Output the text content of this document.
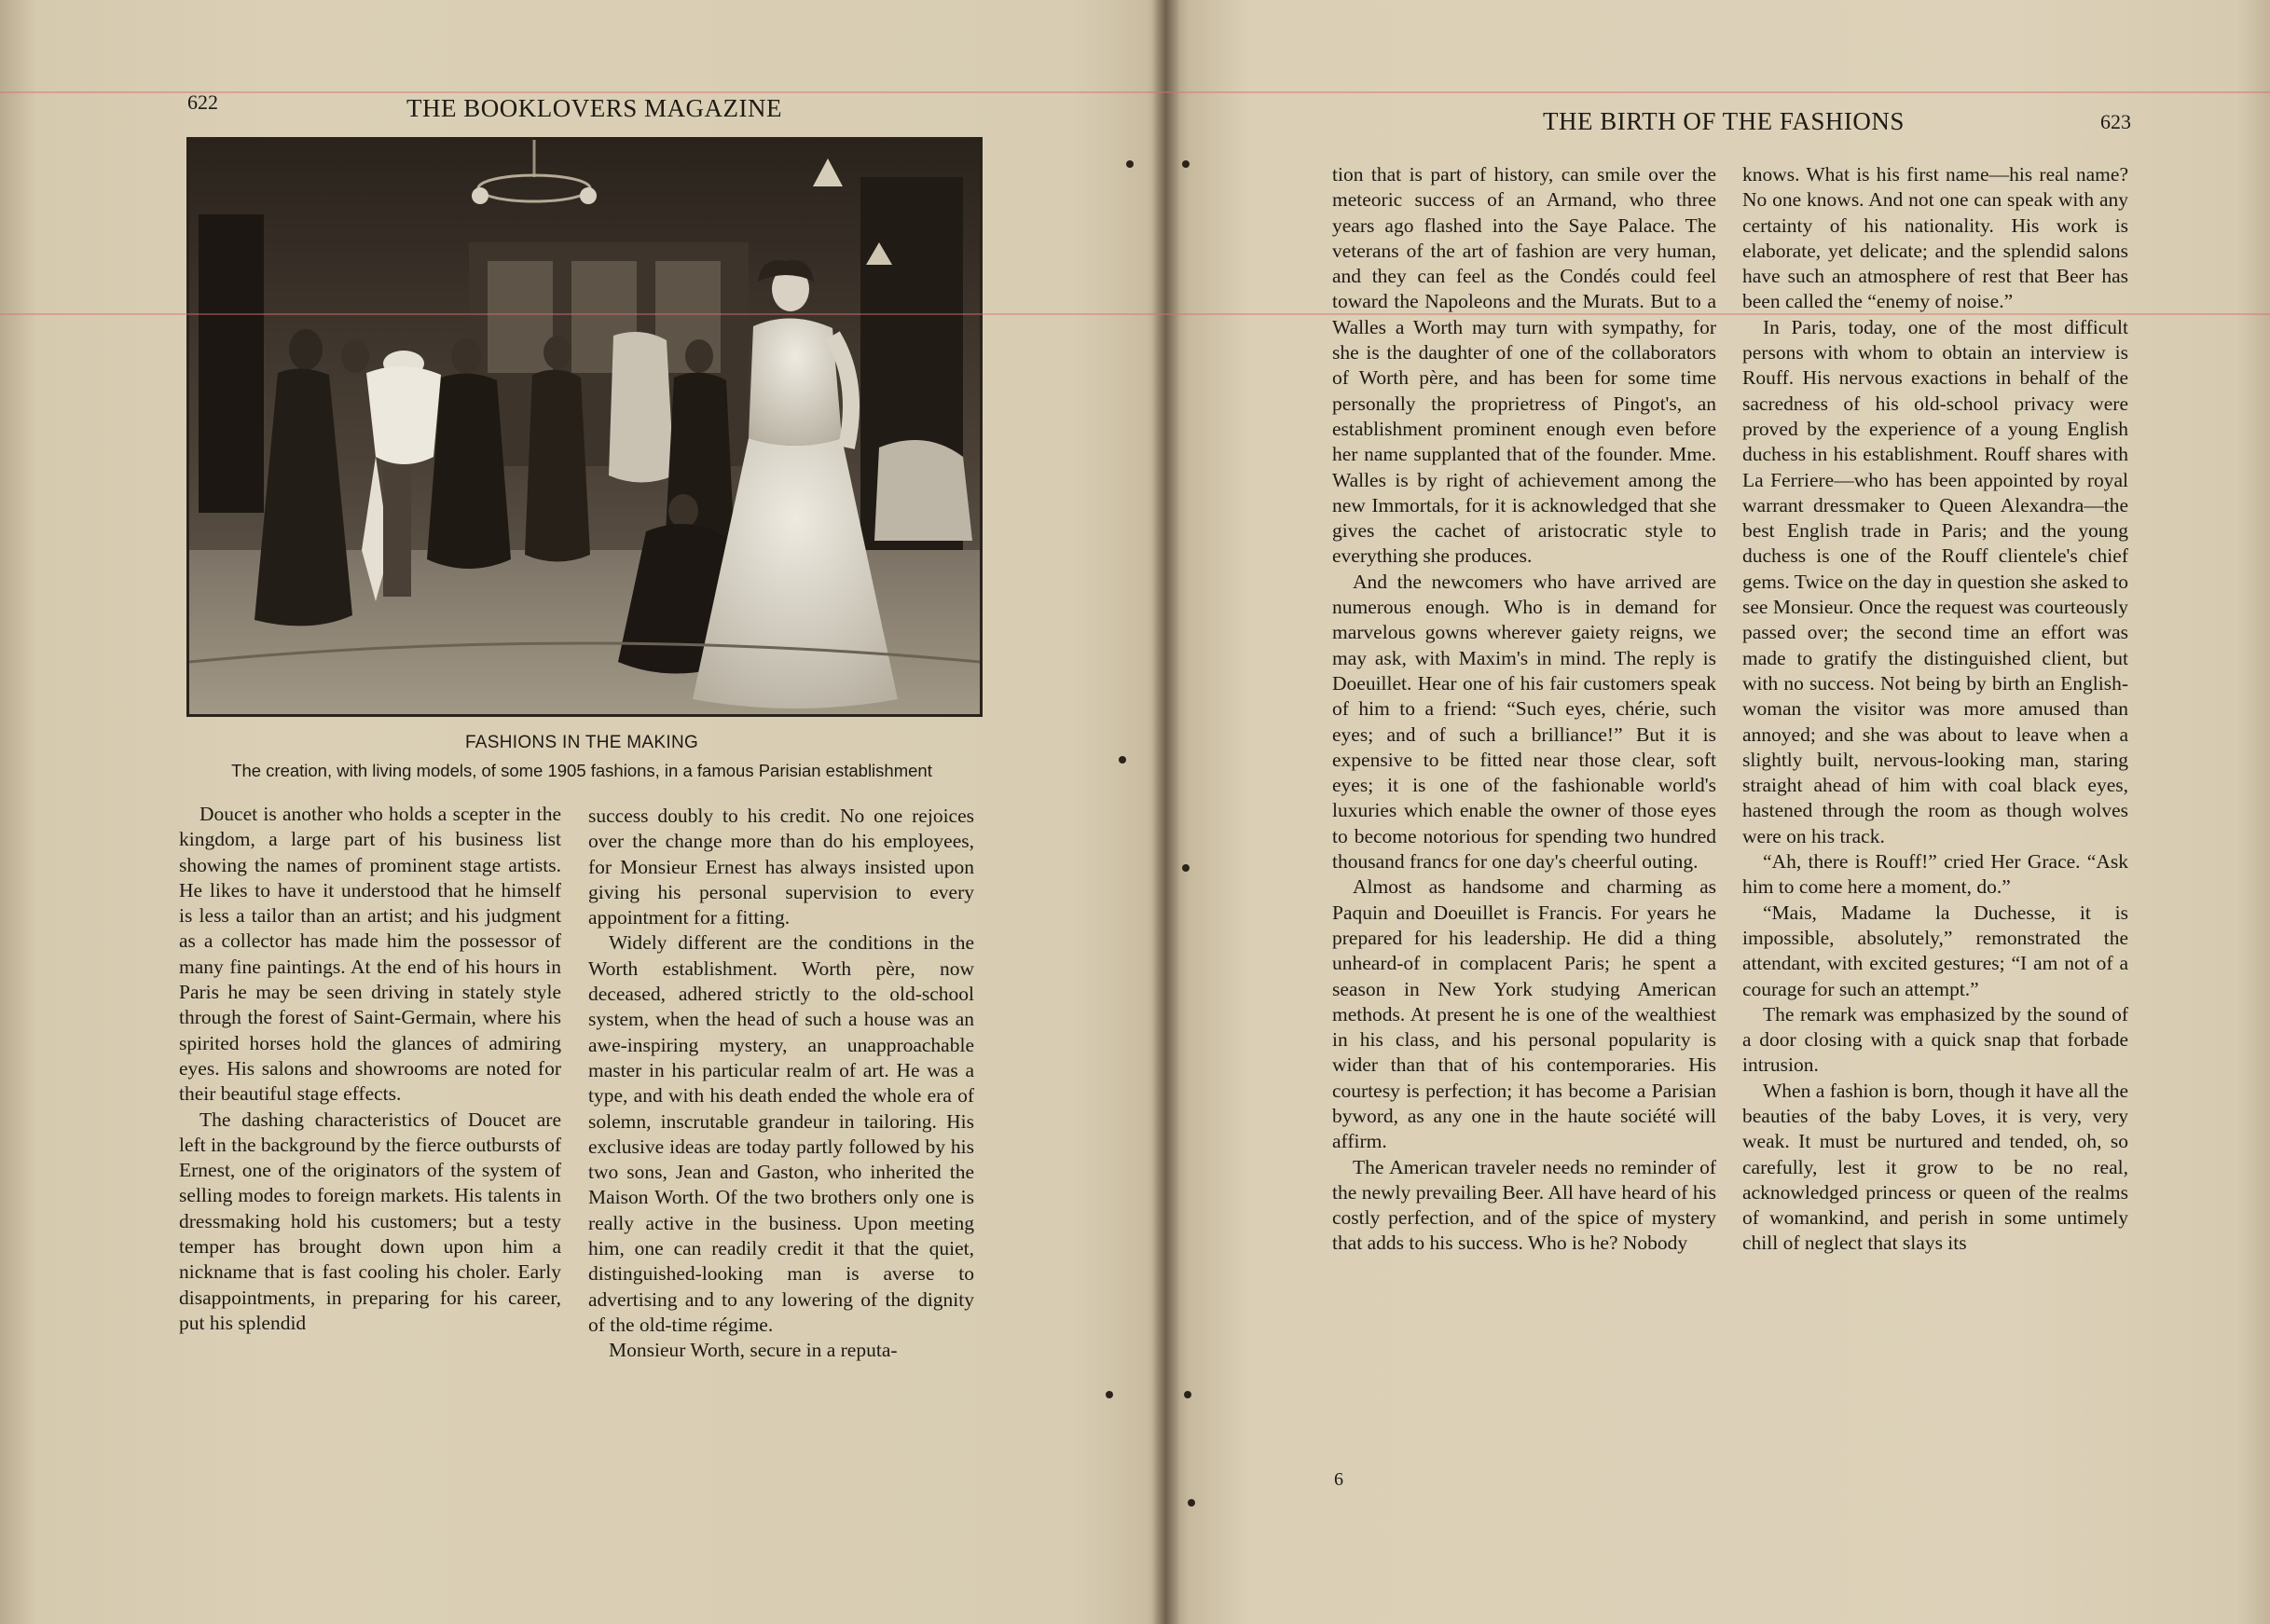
622	THE BOOKLOVERS MAGAZINE
FASHIONS IN THE MAKING
The creation, with living models, of some 1905 fashions, in a famous Parisian establishment

Doucet is another who holds a scepter in the kingdom, a large part of his business list showing the names of prominent stage artists. He likes to have it understood that he himself is less a tailor than an artist; and his judgment as a collector has made him the possessor of many fine paintings. At the end of his hours in Paris he may be seen driving in stately style through the forest of Saint-Germain, where his spirited horses hold the glances of admiring eyes. His salons and showrooms are noted for their beautiful stage effects.

The dashing characteristics of Doucet are left in the background by the fierce outbursts of Ernest, one of the originators of the system of selling modes to foreign markets. His talents in dressmaking hold his customers; but a testy temper has brought down upon him a nickname that is fast cooling his choler. Early disappointments, in preparing for his career, put his splendid

success doubly to his credit. No one rejoices over the change more than do his employees, for Monsieur Ernest has always insisted upon giving his personal supervision to every appointment for a fitting.

Widely different are the conditions in the Worth establishment. Worth père, now deceased, adhered strictly to the old-school system, when the head of such a house was an awe-inspiring mystery, an unapproachable master in his particular realm of art. He was a type, and with his death ended the whole era of solemn, inscrutable grandeur in tailoring. His exclusive ideas are today partly followed by his two sons, Jean and Gaston, who inherited the Maison Worth. Of the two brothers only one is really active in the business. Upon meeting him, one can readily credit it that the quiet, distinguished-looking man is averse to advertising and to any lowering of the dignity of the old-time régime.

Monsieur Worth, secure in a reputa-

THE BIRTH OF THE FASHIONS	623

tion that is part of history, can smile over the meteoric success of an Armand, who three years ago flashed into the Saye Palace. The veterans of the art of fashion are very human, and they can feel as the Condés could feel toward the Napoleons and the Murats. But to a Walles a Worth may turn with sympathy, for she is the daughter of one of the collaborators of Worth père, and has been for some time personally the proprietress of Pingot's, an establishment prominent enough even before her name supplanted that of the founder. Mme. Walles is by right of achievement among the new Immortals, for it is acknowledged that she gives the cachet of aristocratic style to everything she produces.

And the newcomers who have arrived are numerous enough. Who is in demand for marvelous gowns wherever gaiety reigns, we may ask, with Maxim's in mind. The reply is Doeuillet. Hear one of his fair customers speak of him to a friend: “Such eyes, chérie, such eyes; and of such a brilliance!” But it is expensive to be fitted near those clear, soft eyes; it is one of the fashionable world's luxuries which enable the owner of those eyes to become notorious for spending two hundred thousand francs for one day's cheerful outing.

Almost as handsome and charming as Paquin and Doeuillet is Francis. For years he prepared for his leadership. He did a thing unheard-of in complacent Paris; he spent a season in New York studying American methods. At present he is one of the wealthiest in his class, and his personal popularity is wider than that of his contemporaries. His courtesy is perfection; it has become a Parisian byword, as any one in the haute société will affirm.

The American traveler needs no reminder of the newly prevailing Beer. All have heard of his costly perfection, and of the spice of mystery that adds to his success. Who is he? Nobody

knows. What is his first name—his real name? No one knows. And not one can speak with any certainty of his nationality. His work is elaborate, yet delicate; and the splendid salons have such an atmosphere of rest that Beer has been called the “enemy of noise.”

In Paris, today, one of the most difficult persons with whom to obtain an interview is Rouff. His nervous exactions in behalf of the sacredness of his old-school privacy were proved by the experience of a young English duchess in his establishment. Rouff shares with La Ferriere—who has been appointed by royal warrant dressmaker to Queen Alexandra—the best English trade in Paris; and the young duchess is one of the Rouff clientele's chief gems. Twice on the day in question she asked to see Monsieur. Once the request was courteously passed over; the second time an effort was made to gratify the distinguished client, but with no success. Not being by birth an English-woman the visitor was more amused than annoyed; and she was about to leave when a slightly built, nervous-looking man, staring straight ahead of him with coal black eyes, hastened through the room as though wolves were on his track.

“Ah, there is Rouff!” cried Her Grace. “Ask him to come here a moment, do.”

“Mais, Madame la Duchesse, it is impossible, absolutely,” remonstrated the attendant, with excited gestures; “I am not of a courage for such an attempt.”

The remark was emphasized by the sound of a door closing with a quick snap that forbade intrusion.

When a fashion is born, though it have all the beauties of the baby Loves, it is very, very weak. It must be nurtured and tended, oh, so carefully, lest it grow to be no real, acknowledged princess or queen of the realms of womankind, and perish in some untimely chill of neglect that slays its

6
